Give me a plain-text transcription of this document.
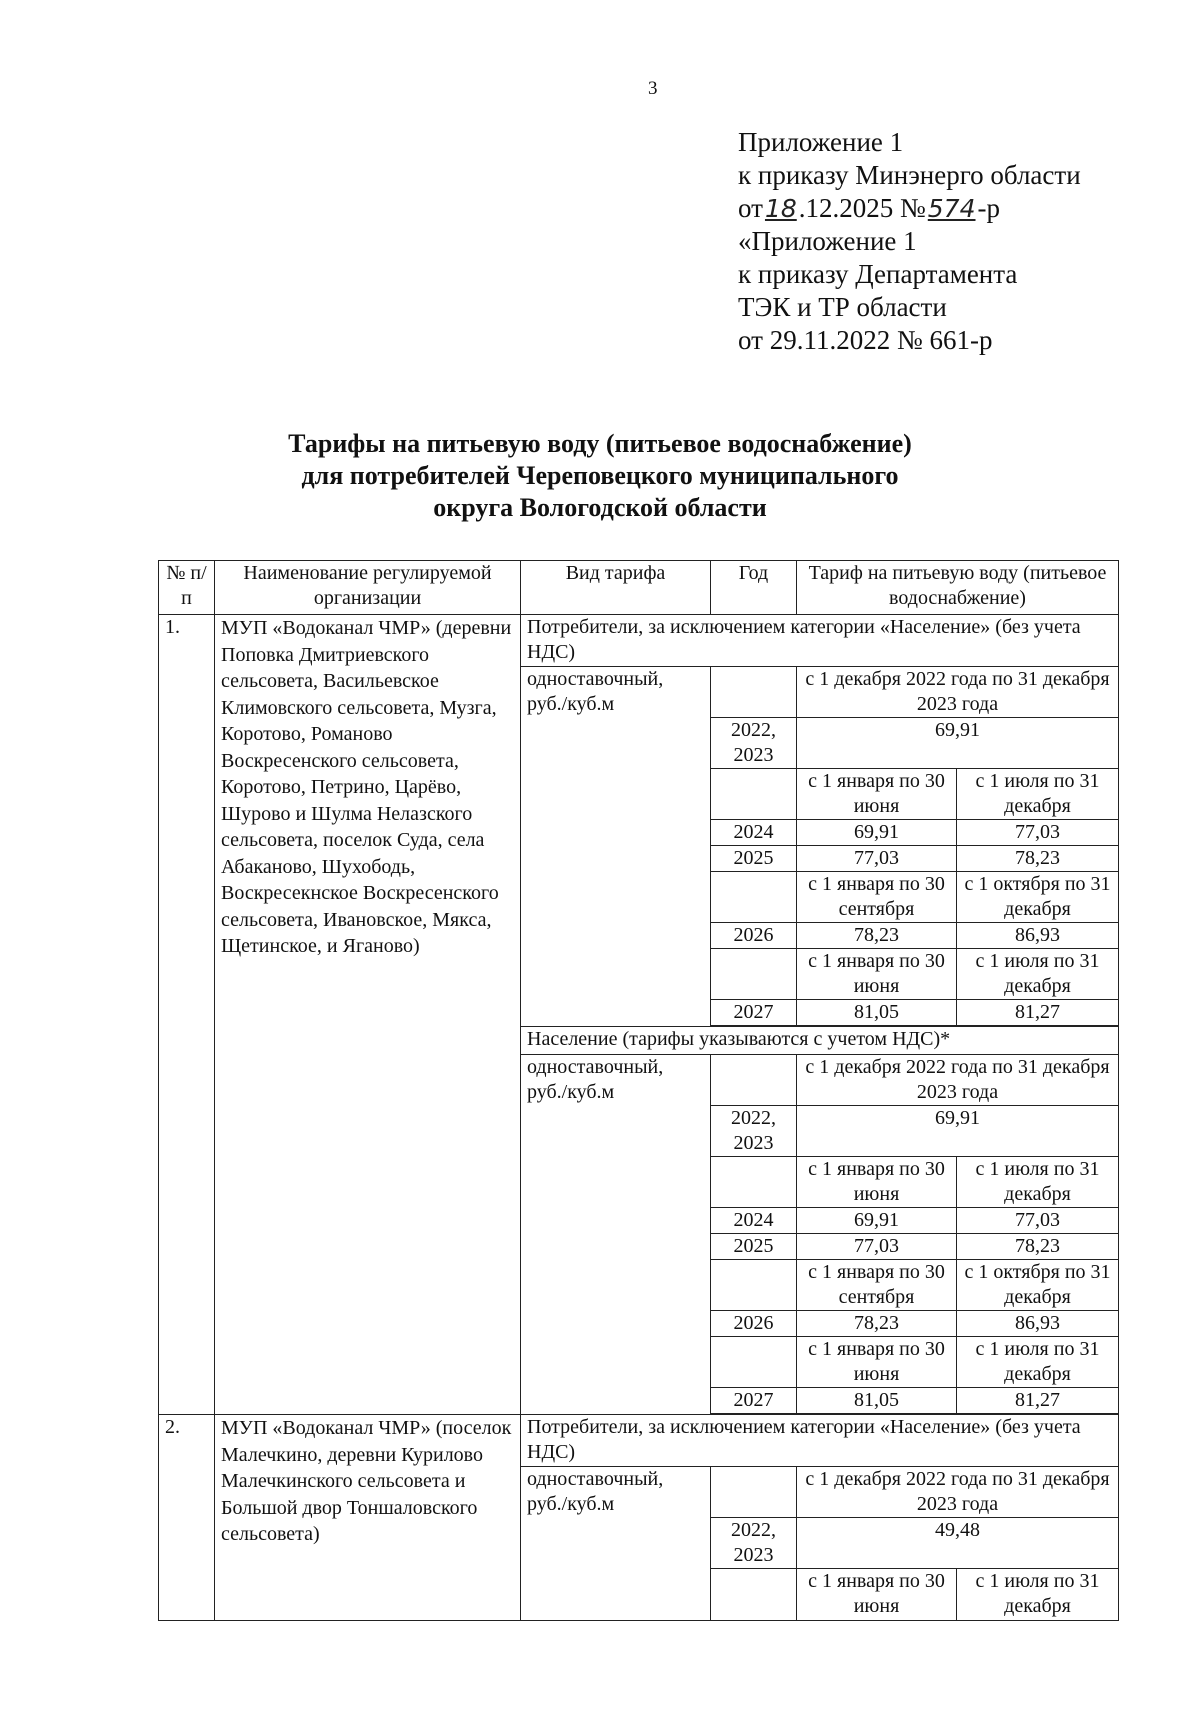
3
Приложение 1
к приказу Минэнерго области
от18.12.2025 №574-р
«Приложение 1
к приказу Департамента
ТЭК и ТР области
от 29.11.2022 № 661-р
Тарифы на питьевую воду (питьевое водоснабжение)
для потребителей Череповецкого муниципального
округа Вологодской области
№ п/п	Наименование регулируемой организации	Вид тарифа	Год	Тариф на питьевую воду (питьевое водоснабжение)	
1.	МУП «Водоканал ЧМР» (деревни Поповка Дмитриевского сельсовета, Васильевское Климовского сельсовета, Музга, Коротово, Романово Воскресенского сельсовета, Коротово, Петрино, Царёво, Шурово и Шулма Нелазского сельсовета, поселок Суда, села Абаканово, Шухободь, Воскресекнское Воскресенского сельсовета, Ивановское, Мякса, Щетинское, и Яганово)	Потребители, за исключением категории «Население» (без учета НДС)			
		одноставочный, руб./куб.м		с 1 декабря 2022 года по 31 декабря 2023 года	
			2022, 2023	69,91	
				с 1 января по 30 июня	с 1 июля по 31 декабря
			2024	69,91	77,03
			2025	77,03	78,23
				с 1 января по 30 сентября	с 1 октября по 31 декабря
			2026	78,23	86,93
				с 1 января по 30 июня	с 1 июля по 31 декабря
			2027	81,05	81,27

		Население (тарифы указываются с учетом НДС)*			
		одноставочный, руб./куб.м		с 1 декабря 2022 года по 31 декабря 2023 года	
			2022, 2023	69,91	
				с 1 января по 30 июня	с 1 июля по 31 декабря
			2024	69,91	77,03
			2025	77,03	78,23
				с 1 января по 30 сентября	с 1 октября по 31 декабря
			2026	78,23	86,93
				с 1 января по 30 июня	с 1 июля по 31 декабря
			2027	81,05	81,27

2.	МУП «Водоканал ЧМР» (поселок Малечкино, деревни Курилово Малечкинского сельсовета и Большой двор Тоншаловского сельсовета)	Потребители, за исключением категории «Население» (без учета НДС)			
		одноставочный, руб./куб.м		с 1 декабря 2022 года по 31 декабря 2023 года	
			2022, 2023	49,48	
				с 1 января по 30 июня	с 1 июля по 31 декабря
